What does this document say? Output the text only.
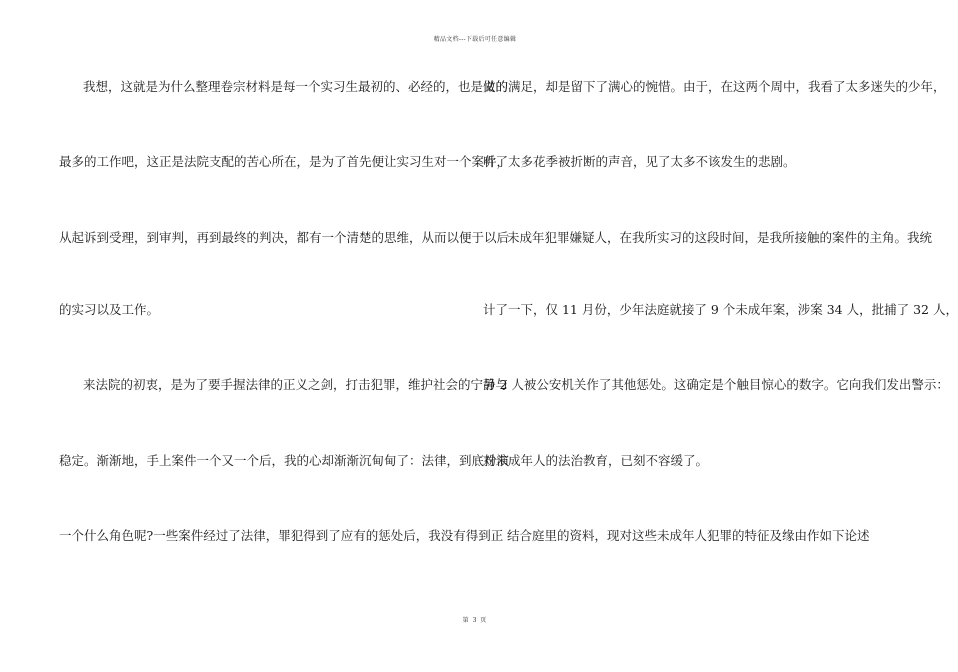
精品文档---下载后可任意编辑
我想，这就是为什么整理卷宗材料是每一个实习生最初的、必经的，也是做的
最多的工作吧，这正是法院支配的苦心所在，是为了首先便让实习生对一个案件，
从起诉到受理，到审判，再到最终的判决，都有一个清楚的思维，从而以便于以后
的实习以及工作。
来法院的初衷，是为了要手握法律的正义之剑，打击犯罪，维护社会的宁静与
稳定。渐渐地，手上案件一个又一个后，我的心却渐渐沉甸甸了：法律，到底扮演
一个什么角色呢?一些案件经过了法律，罪犯得到了应有的惩处后，我没有得到正
义的满足，却是留下了满心的惋惜。由于，在这两个周中，我看了太多迷失的少年，
听了太多花季被折断的声音，见了太多不该发生的悲剧。
未成年犯罪嫌疑人，在我所实习的这段时间，是我所接触的案件的主角。我统
计了一下，仅 11 月份，少年法庭就接了 9 个未成年案，涉案 34 人，批捕了 32 人，
另 2 人被公安机关作了其他惩处。这确定是个触目惊心的数字。它向我们发出警示：
对未成年人的法治教育，已刻不容缓了。
结合庭里的资料，现对这些未成年人犯罪的特征及缘由作如下论述
第 3 页
